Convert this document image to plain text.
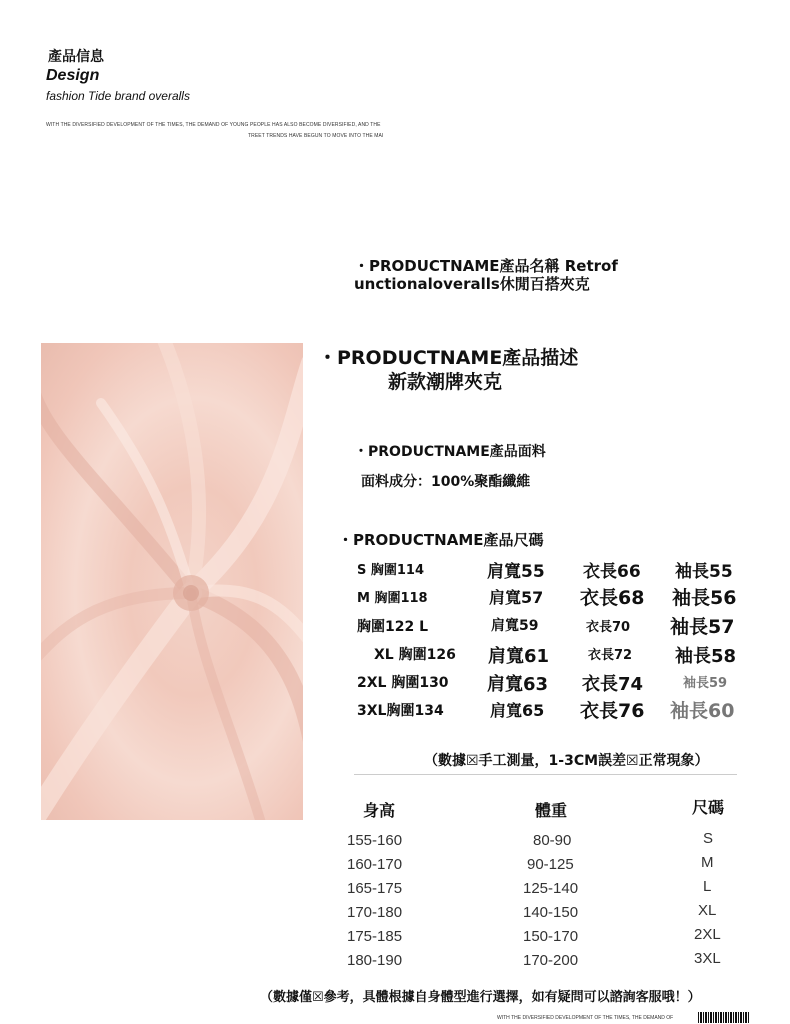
產品信息
Design
fashion Tide brand overalls
WITH THE DIVERSIFIED DEVELOPMENT OF THE TIMES, THE DEMAND OF YOUNG PEOPLE HAS ALSO BECOME DIVERSIFIED, AND THE
TREET TRENDS HAVE BEGUN TO MOVE INTO THE MAI
・PRODUCTNAME產品名稱 Retrof
unctionaloveralls休閒百搭夾克
・PRODUCTNAME產品描述
新款潮牌夾克
・PRODUCTNAME產品面料
面料成分：100%聚酯纖維
・PRODUCTNAME產品尺碼
S 胸圍114	肩寬55 衣長66 袖長55
M 胸圍118	肩寬57 衣長68 袖長56
胸圍122 L	肩寬59	衣長70 袖長57
XL 胸圍126 肩寬61	衣長72 袖長58
2XL 胸圍130 肩寬63 衣長74	袖長59
3XL胸圍134	肩寬65 衣長76 袖長60
（數據☒手工測量，1-3CM誤差☒正常現象）
身高	體重	尺碼
155-160	80-90	S
160-170	90-125	M
165-175	125-140	L
170-180	140-150	XL
175-185	150-170	2XL
180-190	170-200	3XL
（數據僅☒參考，具體根據自身體型進行選擇，如有疑問可以諮詢客服哦！）
WITH THE DIVERSIFIED DEVELOPMENT OF THE TIMES, THE DEMAND OF
